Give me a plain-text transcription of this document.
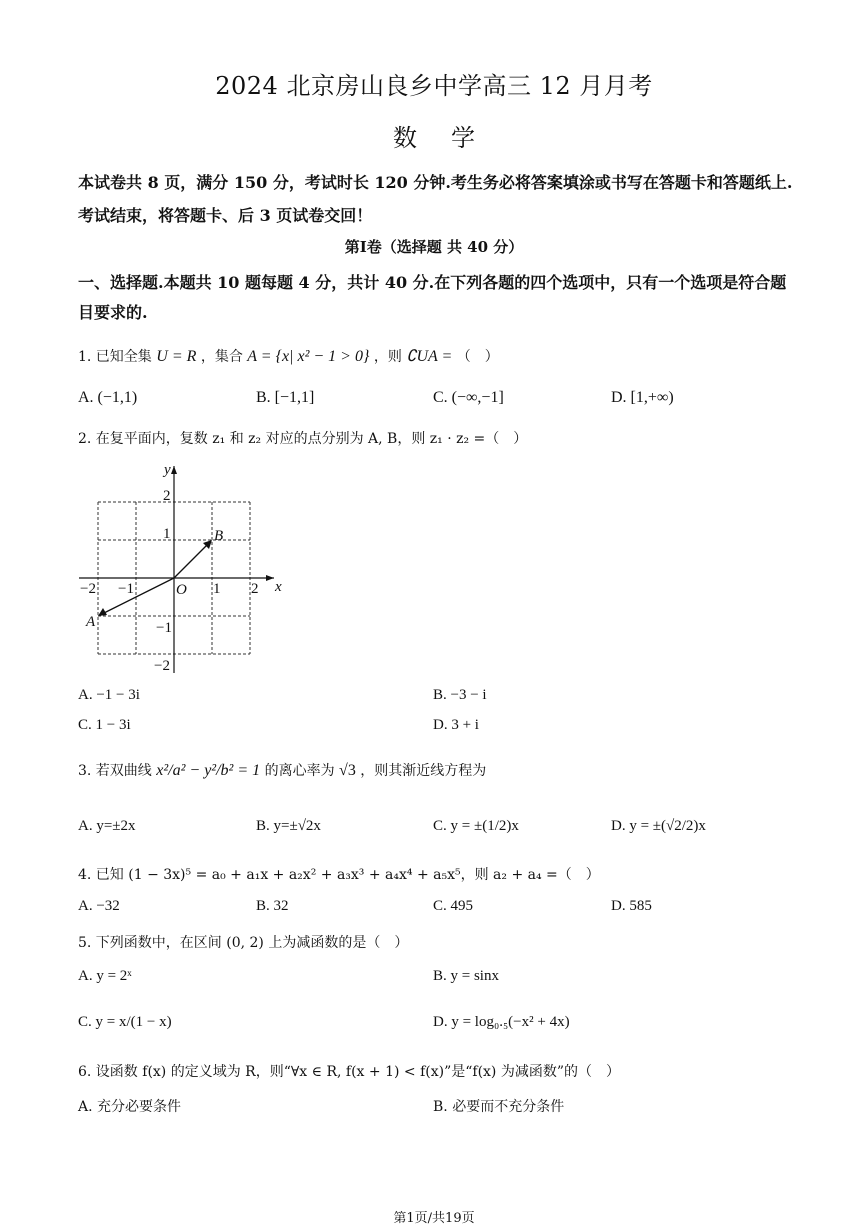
2024 北京房山良乡中学高三 12 月月考
数学
本试卷共 8 页，满分 150 分，考试时长 120 分钟.考生务必将答案填涂或书写在答题卡和答题纸上.考试结束，将答题卡、后 3 页试卷交回！
第Ⅰ卷（选择题 共 40 分）
一、选择题.本题共 10 题每题 4 分，共计 40 分.在下列各题的四个选项中，只有一个选项是符合题目要求的.
1. 已知全集 U = R ，集合 A = {x| x² − 1 > 0} ，则 ∁UA = （　）
A. (−1,1)	B. [−1,1]	C. (−∞,−1]	D. [1,+∞)
2. 在复平面内，复数 z₁ 和 z₂ 对应的点分别为 A, B，则 z₁ · z₂ =（　）
y
x
O
B
A
−2 −1	1 2
2
1
−1
−2
A. −1 − 3i	B. −3 − i
C. 1 − 3i	D. 3 + i
3. 若双曲线 x²/a² − y²/b² = 1 的离心率为 √3 ，则其渐近线方程为
A. y=±2x	B. y=±√2x	C. y = ±(1/2)x	D. y = ±(√2/2)x
4. 已知 (1 − 3x)⁵ = a₀ + a₁x + a₂x² + a₃x³ + a₄x⁴ + a₅x⁵，则 a₂ + a₄ =（　）
A. −32	B. 32	C. 495	D. 585
5. 下列函数中，在区间 (0, 2) 上为减函数的是（　）
A. y = 2ˣ	B. y = sinx
C. y = x/(1 − x)	D. y = log₀.₅(−x² + 4x)
6. 设函数 f(x) 的定义域为 R，则“∀x ∈ R, f(x + 1) < f(x)”是“f(x) 为减函数”的（　）
A. 充分必要条件	B. 必要而不充分条件
第1页/共19页
